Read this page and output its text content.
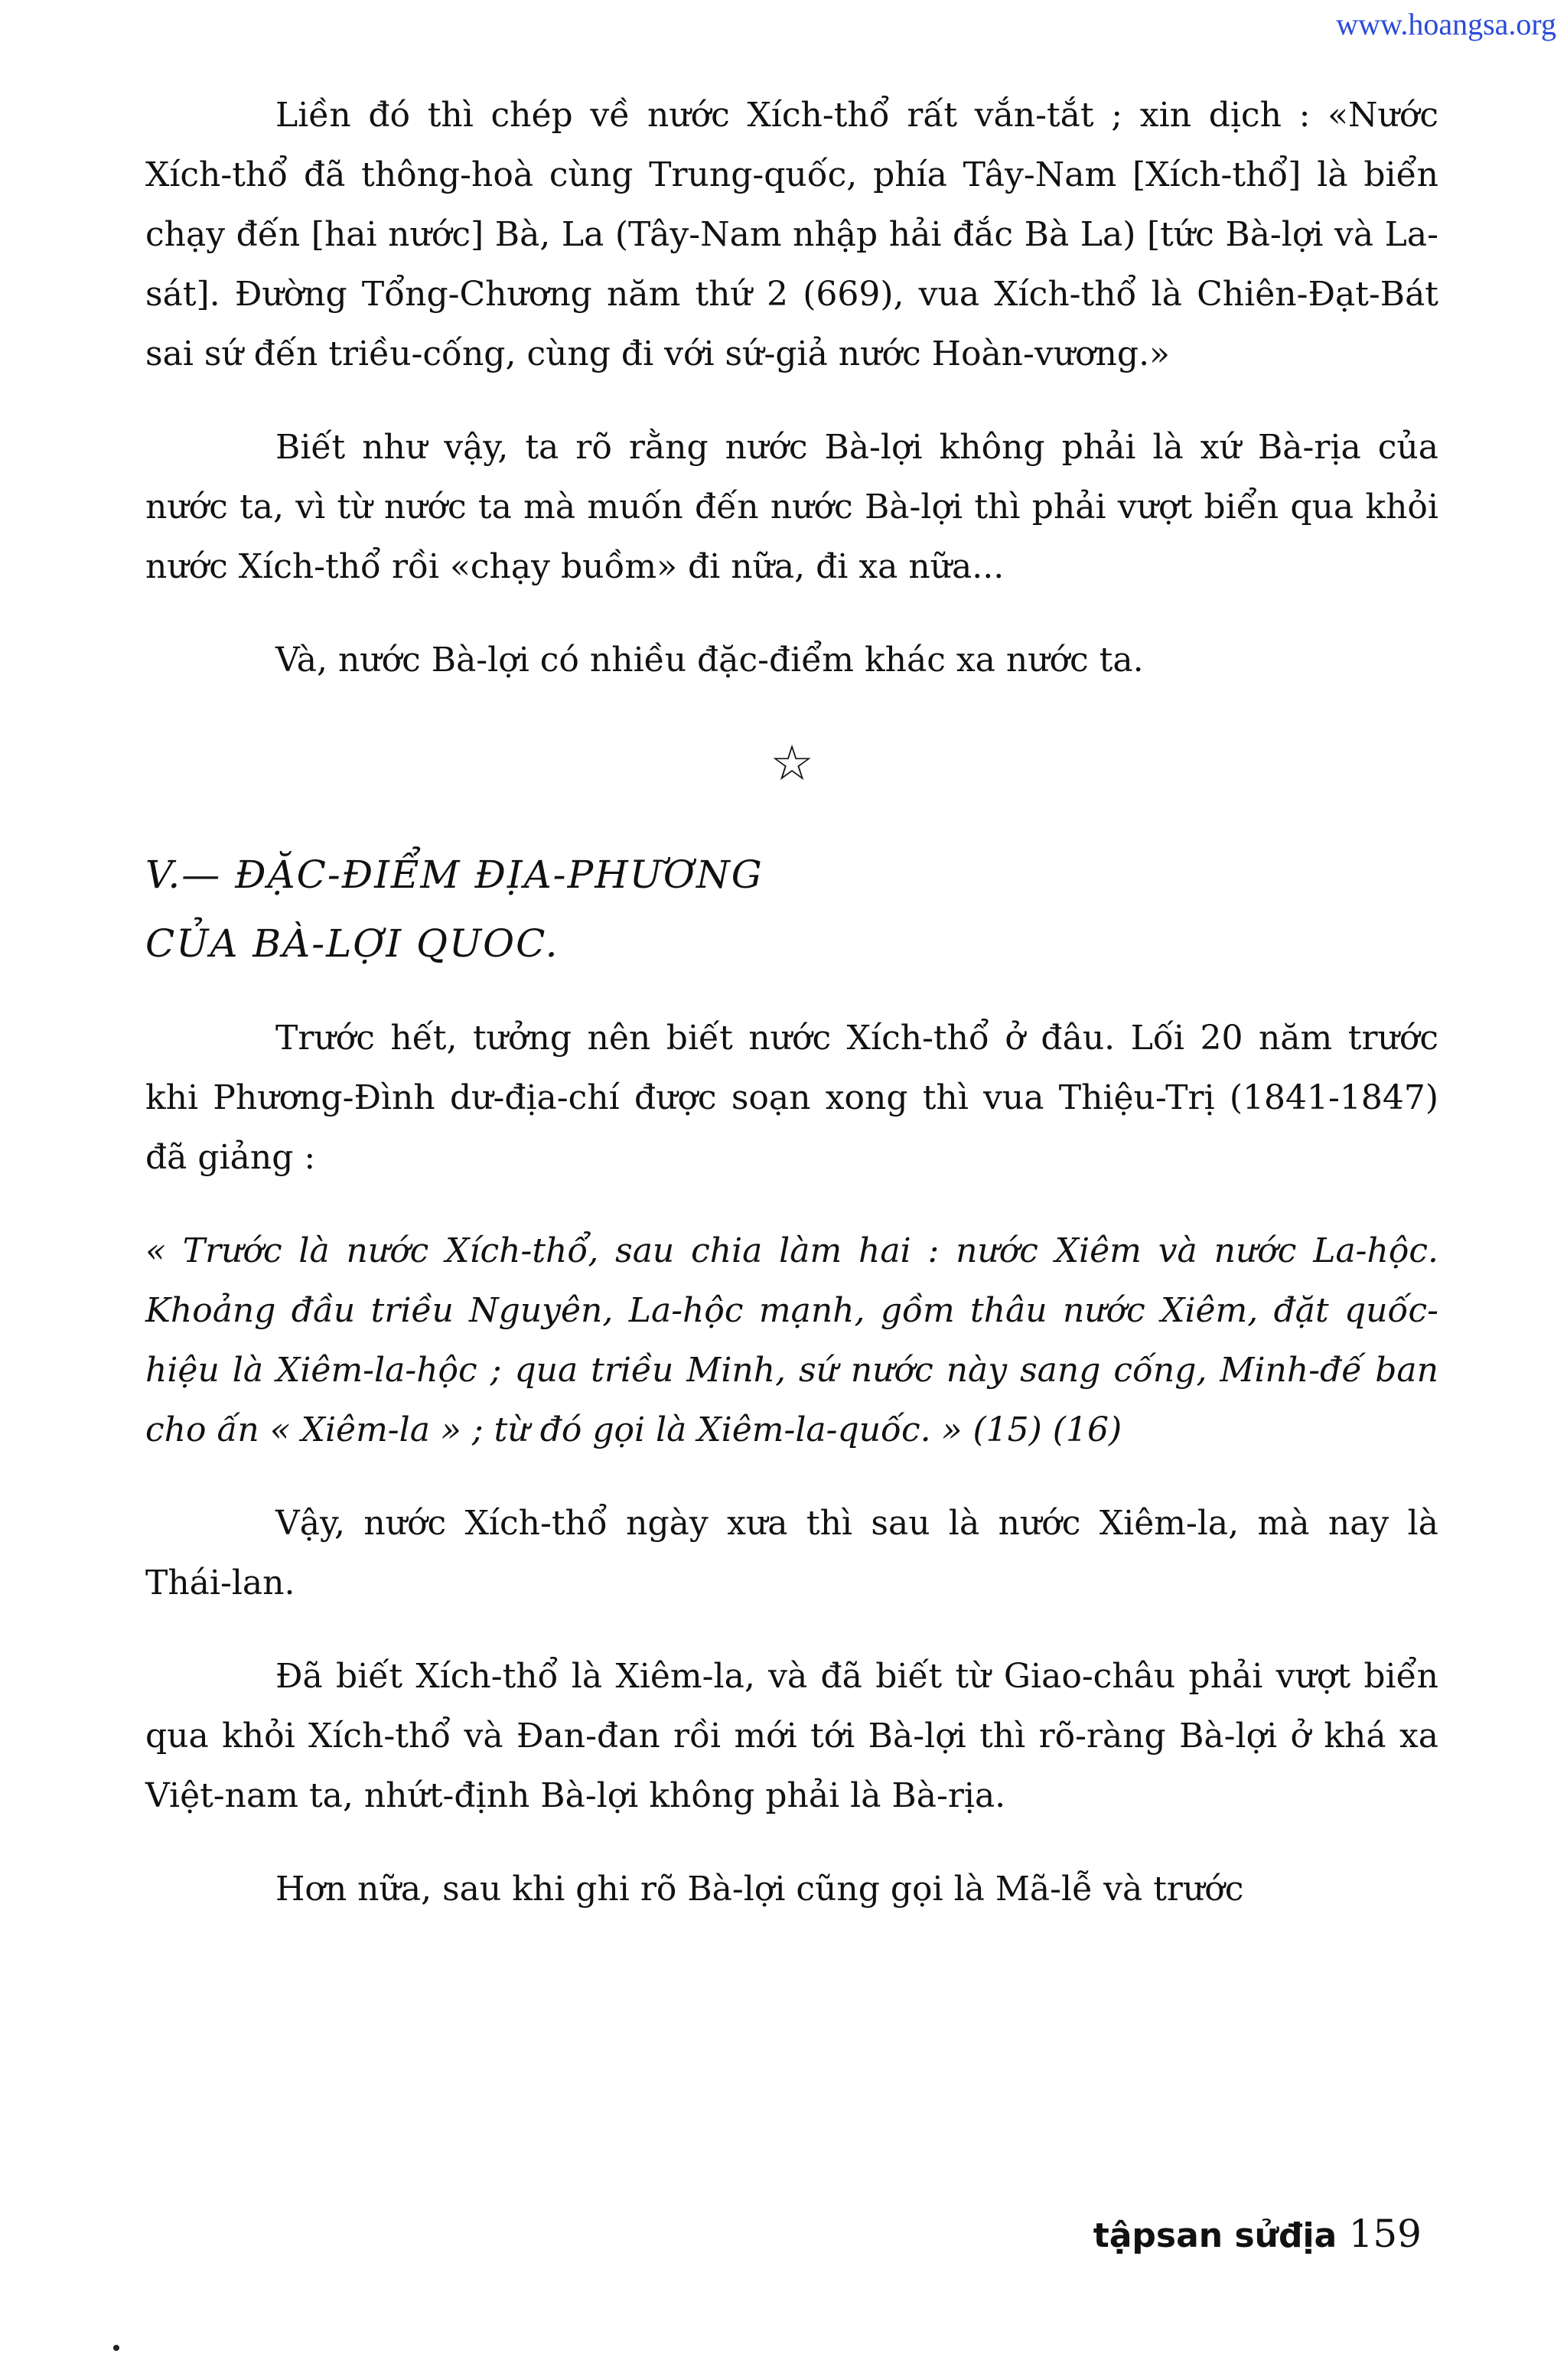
www.hoangsa.org

Liền đó thì chép về nước Xích-thổ rất vắn-tắt ; xin dịch : «Nước Xích-thổ đã thông-hoà cùng Trung-quốc, phía Tây-Nam [Xích-thổ] là biển chạy đến [hai nước] Bà, La (Tây-Nam nhập hải đắc Bà La) [tức Bà-lợi và La-sát]. Đường Tổng-Chương năm thứ 2 (669), vua Xích-thổ là Chiên-Đạt-Bát sai sứ đến triều-cống, cùng đi với sứ-giả nước Hoàn-vương.»

Biết như vậy, ta rõ rằng nước Bà-lợi không phải là xứ Bà-rịa của nước ta, vì từ nước ta mà muốn đến nước Bà-lợi thì phải vượt biển qua khỏi nước Xích-thổ rồi «chạy buồm» đi nữa, đi xa nữa...

Và, nước Bà-lợi có nhiều đặc-điểm khác xa nước ta.

☆
V.— ĐẶC-ĐIỂM ĐỊA-PHƯƠNG
CỦA BÀ-LỢI QUOC.

Trước hết, tưởng nên biết nước Xích-thổ ở đâu. Lối 20 năm trước khi Phương-Đình dư-địa-chí được soạn xong thì vua Thiệu-Trị (1841-1847) đã giảng :

« Trước là nước Xích-thổ, sau chia làm hai : nước Xiêm và nước La-hộc. Khoảng đầu triều Nguyên, La-hộc mạnh, gồm thâu nước Xiêm, đặt quốc-hiệu là Xiêm-la-hộc ; qua triều Minh, sứ nước này sang cống, Minh-đế ban cho ấn « Xiêm-la » ; từ đó gọi là Xiêm-la-quốc. » (15) (16)

Vậy, nước Xích-thổ ngày xưa thì sau là nước Xiêm-la, mà nay là Thái-lan.

Đã biết Xích-thổ là Xiêm-la, và đã biết từ Giao-châu phải vượt biển qua khỏi Xích-thổ và Đan-đan rồi mới tới Bà-lợi thì rõ-ràng Bà-lợi ở khá xa Việt-nam ta, nhứt-định Bà-lợi không phải là Bà-rịa.

Hơn nữa, sau khi ghi rõ Bà-lợi cũng gọi là Mã-lễ và trước

tậpsan sửđịa 159
